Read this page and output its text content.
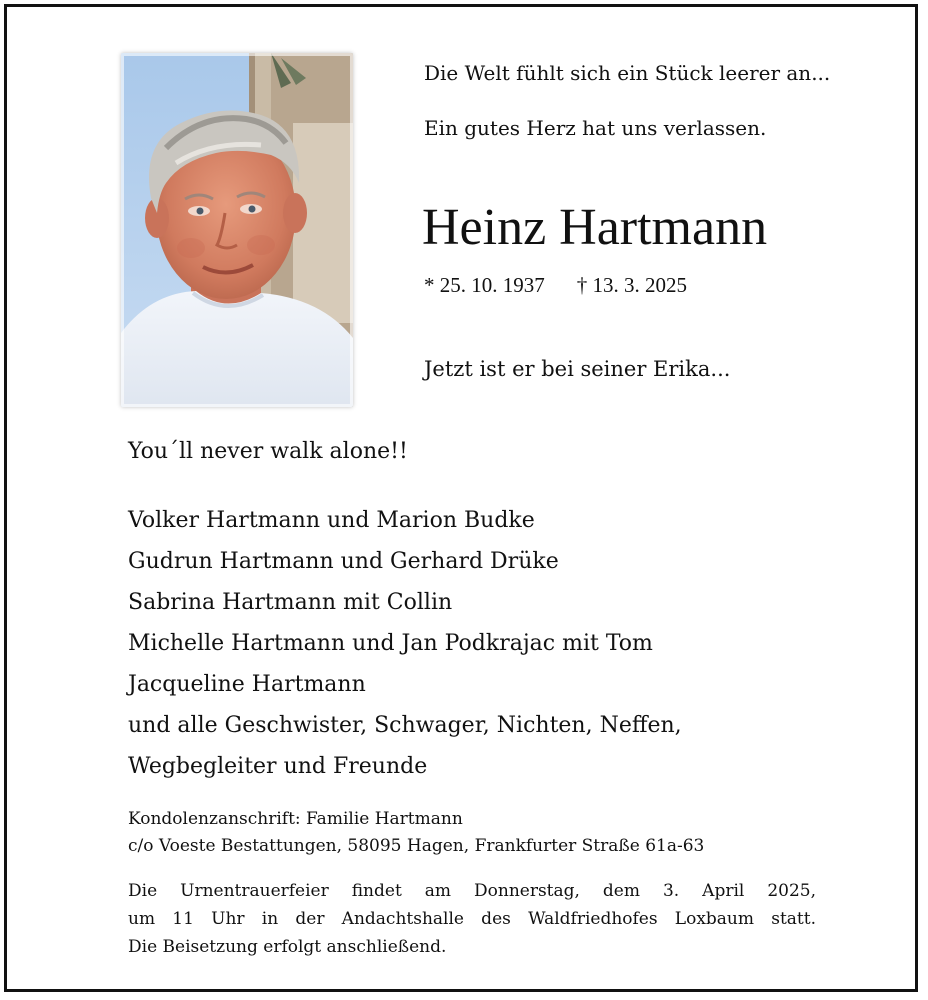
Die Welt fühlt sich ein Stück leerer an...
Ein gutes Herz hat uns verlassen.
Heinz Hartmann
* 25. 10. 1937 † 13. 3. 2025
Jetzt ist er bei seiner Erika...
You´ll never walk alone!!
Volker Hartmann und Marion Budke
Gudrun Hartmann und Gerhard Drüke
Sabrina Hartmann mit Collin
Michelle Hartmann und Jan Podkrajac mit Tom
Jacqueline Hartmann
und alle Geschwister, Schwager, Nichten, Neffen,
Wegbegleiter und Freunde
Kondolenzanschrift: Familie Hartmann
c/o Voeste Bestattungen, 58095 Hagen, Frankfurter Straße 61a-63
Die Urnentrauerfeier findet am Donnerstag, dem 3. April 2025,
um 11 Uhr in der Andachtshalle des Waldfriedhofes Loxbaum statt.
Die Beisetzung erfolgt anschließend.
